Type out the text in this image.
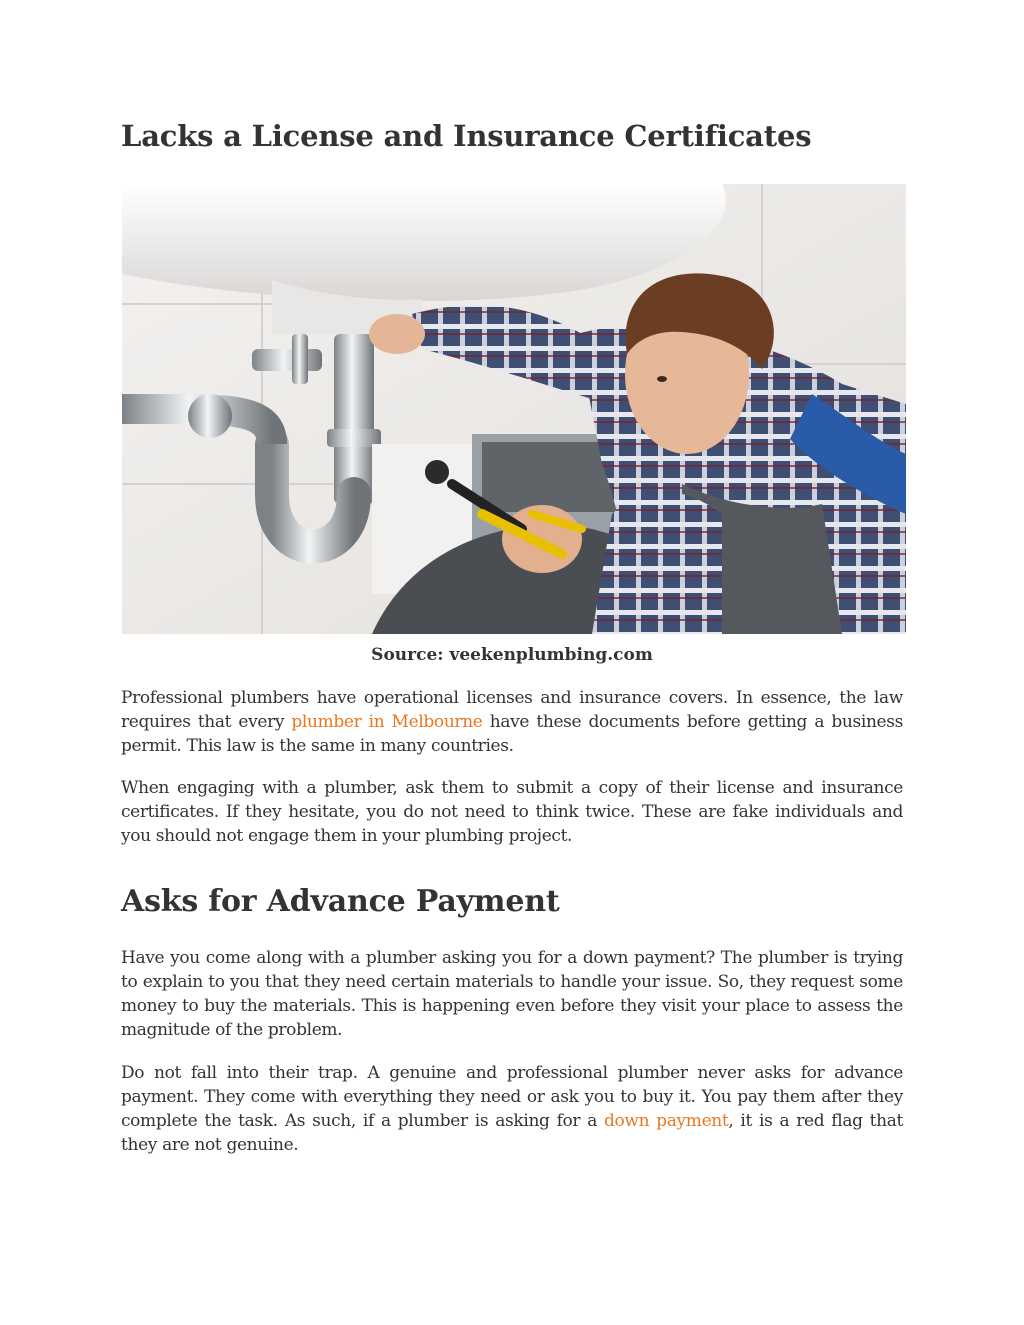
Lacks a License and Insurance Certificates
Source: veekenplumbing.com

Professional plumbers have operational licenses and insurance covers. In essence, the law requires that every plumber in Melbourne have these documents before getting a business permit. This law is the same in many countries.

When engaging with a plumber, ask them to submit a copy of their license and insurance certificates. If they hesitate, you do not need to think twice. These are fake individuals and you should not engage them in your plumbing project.

Asks for Advance Payment

Have you come along with a plumber asking you for a down payment? The plumber is trying to explain to you that they need certain materials to handle your issue. So, they request some money to buy the materials. This is happening even before they visit your place to assess the magnitude of the problem.

Do not fall into their trap. A genuine and professional plumber never asks for advance payment. They come with everything they need or ask you to buy it. You pay them after they complete the task. As such, if a plumber is asking for a down payment, it is a red flag that they are not genuine.
